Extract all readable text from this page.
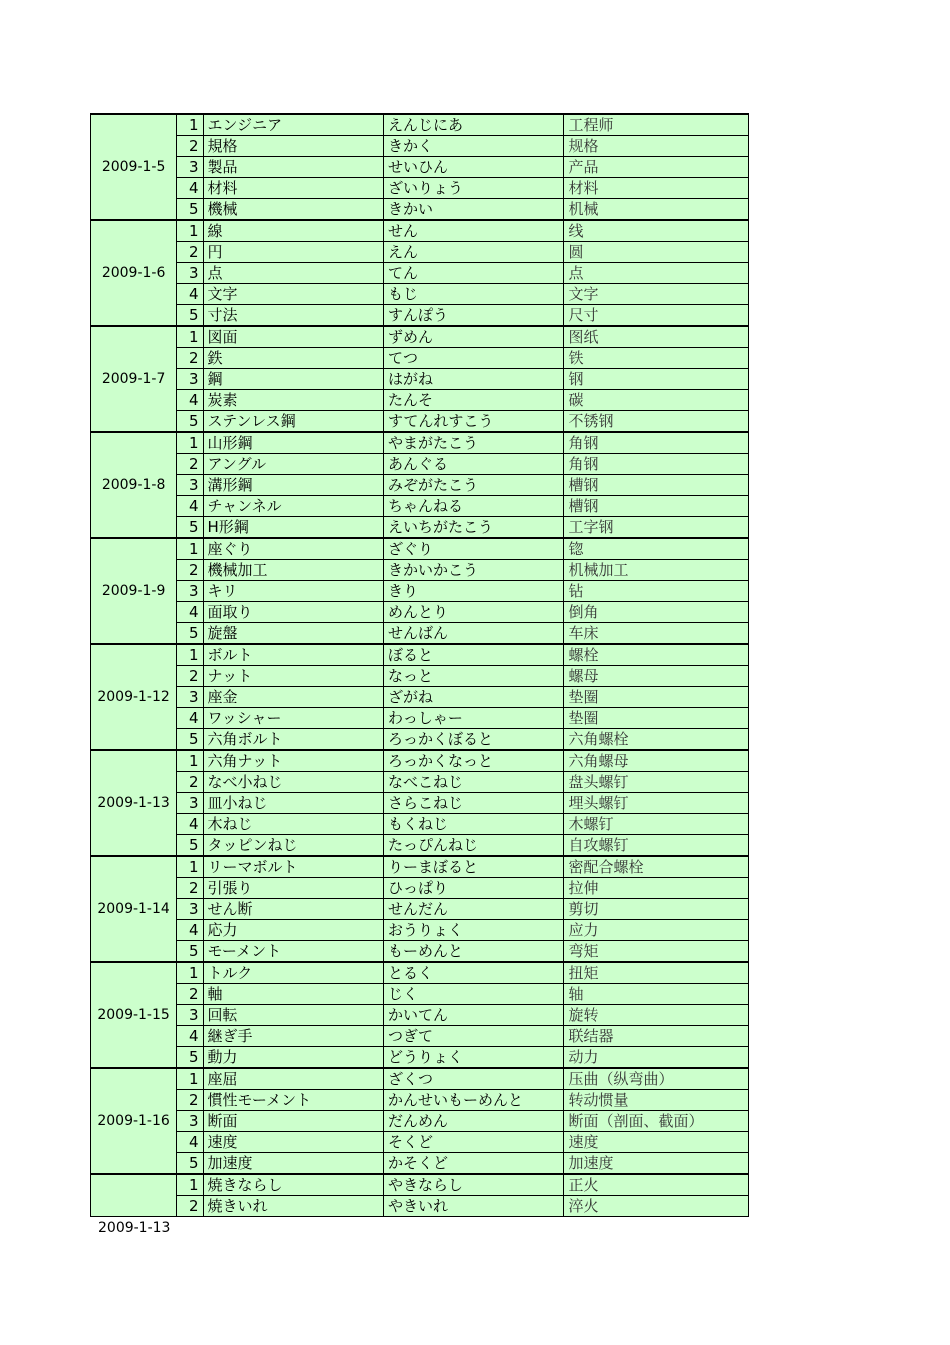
2009-1-5	1	エンジニア	えんじにあ	工程师
	2	規格	きかく	规格
	3	製品	せいひん	产品
	4	材料	ざいりょう	材料
	5	機械	きかい	机械
2009-1-6	1	線	せん	线
	2	円	えん	圆
	3	点	てん	点
	4	文字	もじ	文字
	5	寸法	すんぽう	尺寸
2009-1-7	1	図面	ずめん	图纸
	2	鉄	てつ	铁
	3	鋼	はがね	钢
	4	炭素	たんそ	碳
	5	ステンレス鋼	すてんれすこう	不锈钢
2009-1-8	1	山形鋼	やまがたこう	角钢
	2	アングル	あんぐる	角钢
	3	溝形鋼	みぞがたこう	槽钢
	4	チャンネル	ちゃんねる	槽钢
	5	H形鋼	えいちがたこう	工字钢
2009-1-9	1	座ぐり	ざぐり	锪
	2	機械加工	きかいかこう	机械加工
	3	キリ	きり	钻
	4	面取り	めんとり	倒角
	5	旋盤	せんばん	车床
2009-1-12	1	ボルト	ぼると	螺栓
	2	ナット	なっと	螺母
	3	座金	ざがね	垫圈
	4	ワッシャー	わっしゃー	垫圈
	5	六角ボルト	ろっかくぼると	六角螺栓
2009-1-13	1	六角ナット	ろっかくなっと	六角螺母
	2	なべ小ねじ	なべこねじ	盘头螺钉
	3	皿小ねじ	さらこねじ	埋头螺钉
	4	木ねじ	もくねじ	木螺钉
	5	タッピンねじ	たっぴんねじ	自攻螺钉
2009-1-14	1	リーマボルト	りーまぼると	密配合螺栓
	2	引張り	ひっぱり	拉伸
	3	せん断	せんだん	剪切
	4	応力	おうりょく	应力
	5	モーメント	もーめんと	弯矩
2009-1-15	1	トルク	とるく	扭矩
	2	軸	じく	轴
	3	回転	かいてん	旋转
	4	継ぎ手	つぎて	联结器
	5	動力	どうりょく	动力
2009-1-16	1	座屈	ざくつ	压曲（纵弯曲）
	2	慣性モーメント	かんせいもーめんと	转动惯量
	3	断面	だんめん	断面（剖面、截面）
	4	速度	そくど	速度
	5	加速度	かそくど	加速度
	1	焼きならし	やきならし	正火
	2	焼きいれ	やきいれ	淬火
2009-1-13
